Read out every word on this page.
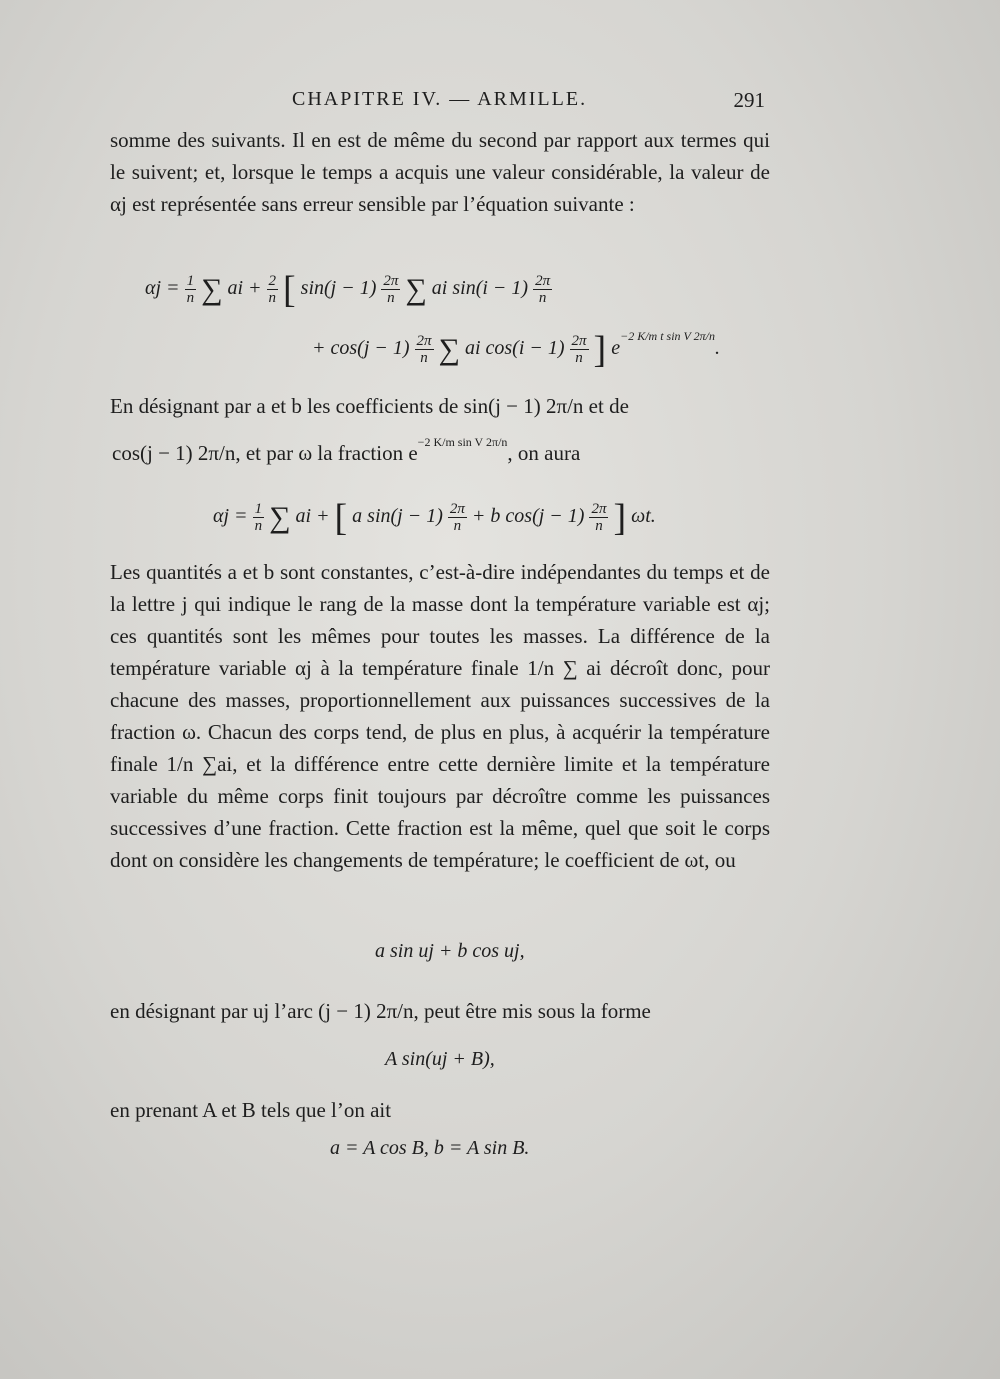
CHAPITRE IV. — ARMILLE.	291
somme des suivants. Il en est de même du second par rapport aux termes qui le suivent; et, lorsque le temps a acquis une valeur considérable, la valeur de αj est représentée sans erreur sensible par l’équation suivante :
$\alpha j = \frac{1}{n}$ ∑ ai + $\frac{2}{n}$ [ $\sin(j - 1) \frac{2\pi}{n}$ ∑ ai $\sin(i - 1) \frac{2\pi}{n}$
+ $\cos(j - 1) \frac{2\pi}{n}$ ∑ ai $\cos(i - 1) \frac{2\pi}{n}$ ] $e^{-2 K/m t sin V 2\pi/n}$.
En désignant par a et b les coefficients de sin(j − 1) 2π/n et de
cos(j − 1) 2π/n, et par ω la fraction $e^{-2 K/m sin V 2\pi/n}$, on aura
$\alpha j = \frac{1}{n}$ ∑ ai + [ a $\sin(j - 1) \frac{2\pi}{n} + b$ $\cos(j - 1) \frac{2\pi}{n}$ ] ωt.
Les quantités a et b sont constantes, c’est-à-dire indépendantes du temps et de la lettre j qui indique le rang de la masse dont la température variable est αj; ces quantités sont les mêmes pour toutes les masses. La différence de la température variable αj à la température finale 1/n ∑ ai décroît donc, pour chacune des masses, proportionnellement aux puissances successives de la fraction ω. Chacun des corps tend, de plus en plus, à acquérir la température finale 1/n ∑ai, et la différence entre cette dernière limite et la température variable du même corps finit toujours par décroître comme les puissances successives d’une fraction. Cette fraction est la même, quel que soit le corps dont on considère les changements de température; le coefficient de ωt, ou
a sin uj + b cos uj,
en désignant par uj l’arc (j − 1) 2π/n, peut être mis sous la forme
A sin(uj + B),
en prenant A et B tels que l’on ait
a = A cos B, b = A sin B.
